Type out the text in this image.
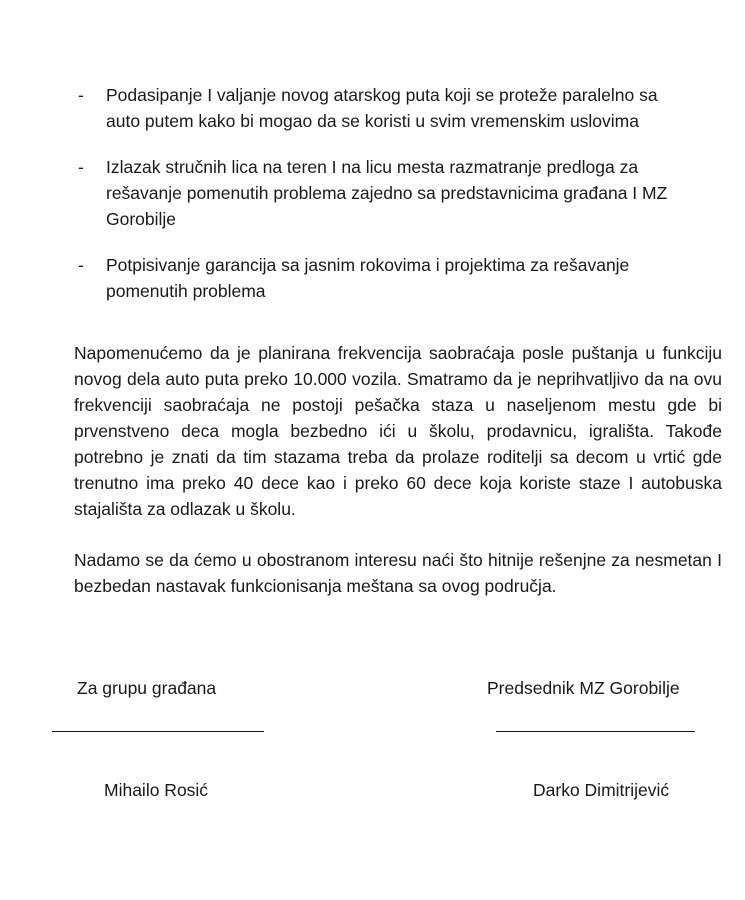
- Podasipanje I valjanje novog atarskog puta koji se proteže paralelno sa auto putem kako bi mogao da se koristi u svim vremenskim uslovima
- Izlazak stručnih lica na teren I na licu mesta razmatranje predloga za rešavanje pomenutih problema zajedno sa predstavnicima građana I MZ Gorobilje
- Potpisivanje garancija sa jasnim rokovima i projektima za rešavanje pomenutih problema

Napomenućemo da je planirana frekvencija saobraćaja posle puštanja u funkciju novog dela auto puta preko 10.000 vozila. Smatramo da je neprihvatljivo da na ovu frekvenciji saobraćaja ne postoji pešačka staza u naseljenom mestu gde bi prvenstveno deca mogla bezbedno ići u školu, prodavnicu, igrališta. Takođe potrebno je znati da tim stazama treba da prolaze roditelji sa decom u vrtić gde trenutno ima preko 40 dece kao i preko 60 dece koja koriste staze I autobuska stajališta za odlazak u školu.

Nadamo se da ćemo u obostranom interesu naći što hitnije rešenjne za nesmetan I bezbedan nastavak funkcionisanja meštana sa ovog područja.

Za grupu građana	Predsednik MZ Gorobilje
Mihailo Rosić	Darko Dimitrijević
